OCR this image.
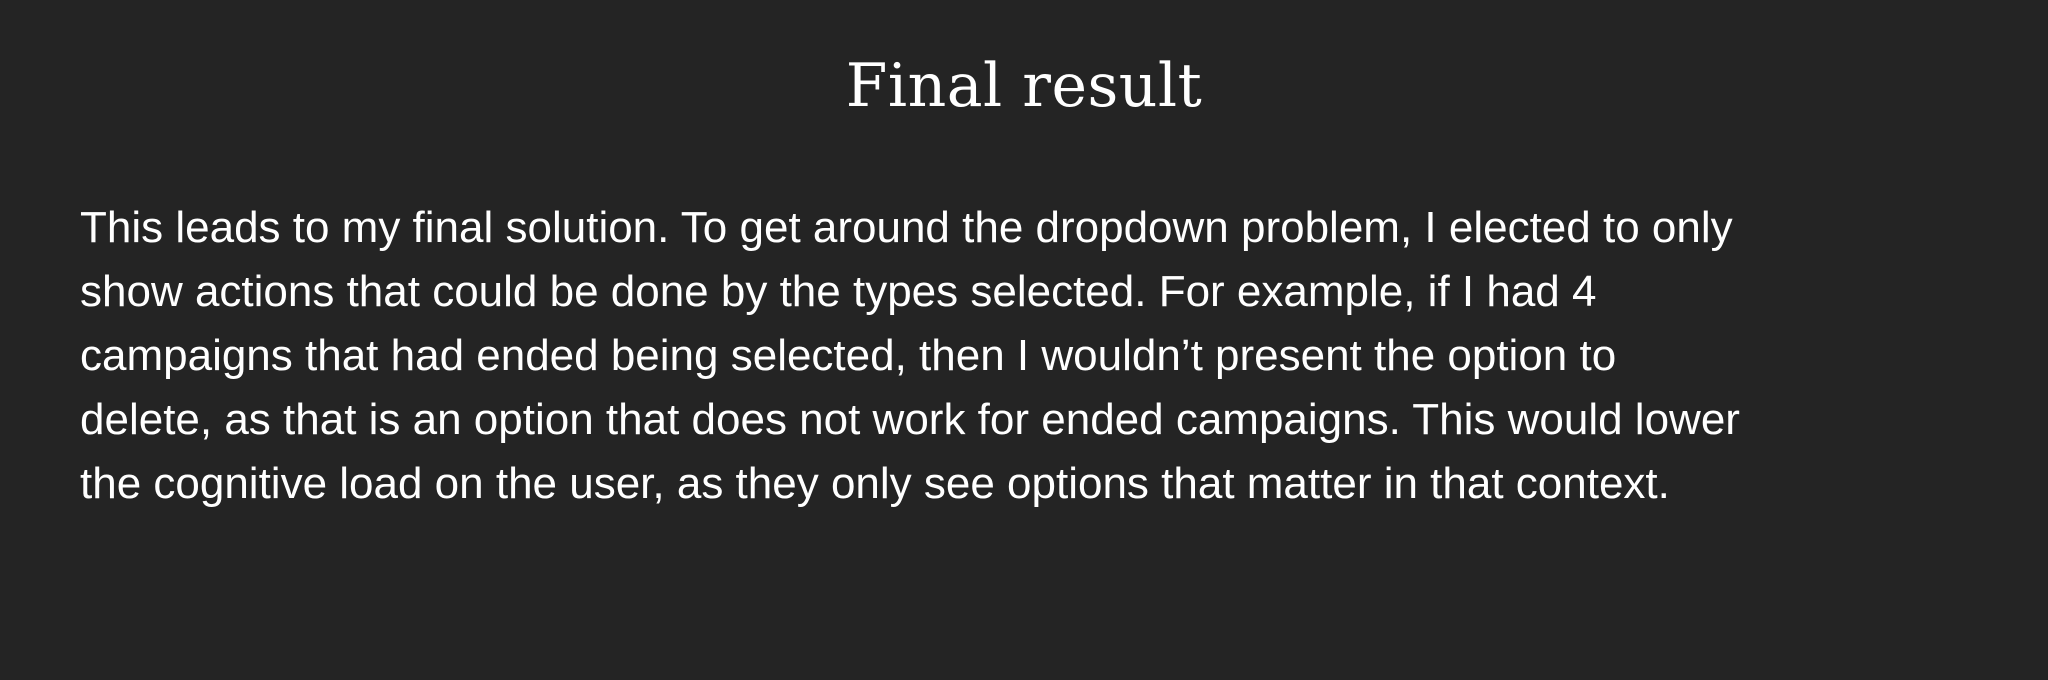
Final result

This leads to my final solution. To get around the dropdown problem, I elected to only
show actions that could be done by the types selected. For example, if I had 4
campaigns that had ended being selected, then I wouldn’t present the option to
delete, as that is an option that does not work for ended campaigns. This would lower
the cognitive load on the user, as they only see options that matter in that context.
